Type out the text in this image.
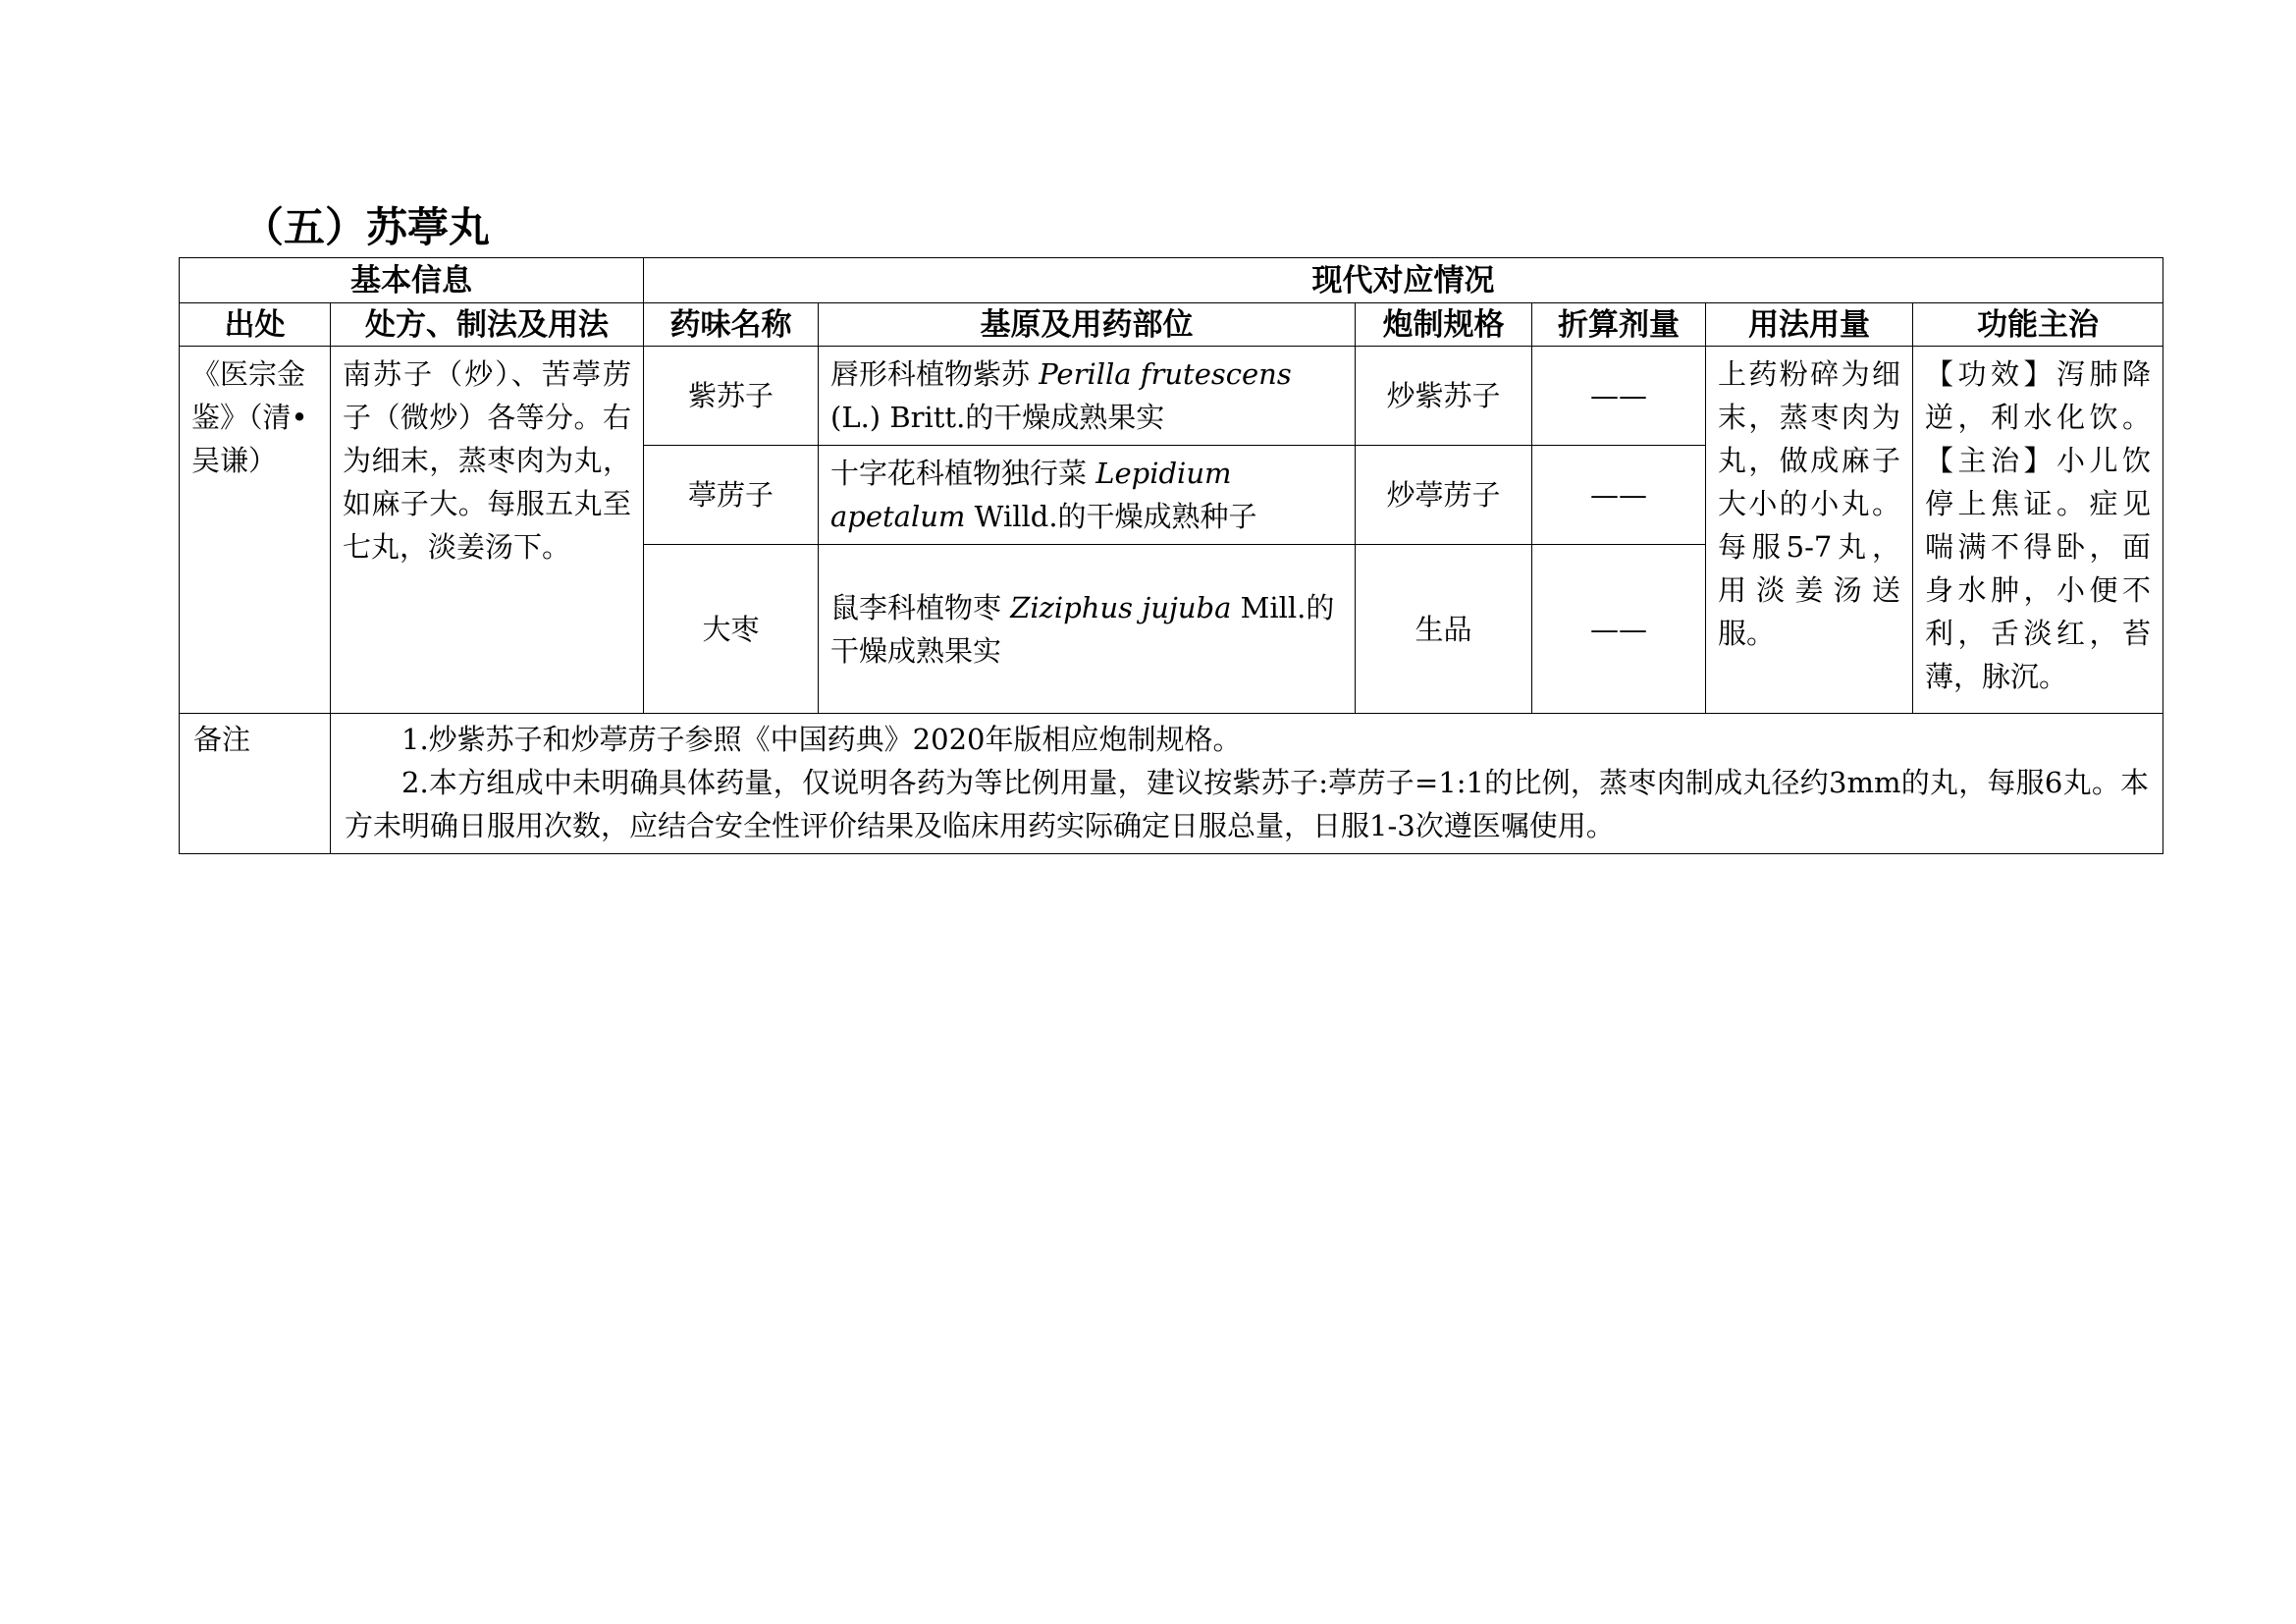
（五）苏葶丸
基本信息		现代对应情况					
出处	处方、制法及用法	药味名称	基原及用药部位	炮制规格	折算剂量	用法用量	功能主治
《医宗金鉴》（清•吴谦）	南苏子（炒）、苦葶苈子（微炒）各等分。右为细末，蒸枣肉为丸，如麻子大。每服五丸至七丸，淡姜汤下。	紫苏子	唇形科植物紫苏 Perilla frutescens (L.) Britt.的干燥成熟果实	炒紫苏子	——	上药粉碎为细末，蒸枣肉为丸，做成麻子大小的小丸。每服5-7丸，用淡姜汤送服。	【功效】泻肺降逆，利水化饮。【主治】小儿饮停上焦证。症见喘满不得卧，面身水肿，小便不利，舌淡红，苔薄，脉沉。
		葶苈子	十字花科植物独行菜 Lepidium apetalum Willd.的干燥成熟种子	炒葶苈子	——		
		大枣	鼠李科植物枣 Ziziphus jujuba Mill.的干燥成熟果实	生品	——		
备注	1.炒紫苏子和炒葶苈子参照《中国药典》2020年版相应炮制规格。

2.本方组成中未明确具体药量，仅说明各药为等比例用量，建议按紫苏子:葶苈子=1:1的比例，蒸枣肉制成丸径约3mm的丸，每服6丸。本方未明确日服用次数，应结合安全性评价结果及临床用药实际确定日服总量，日服1-3次遵医嘱使用。						
